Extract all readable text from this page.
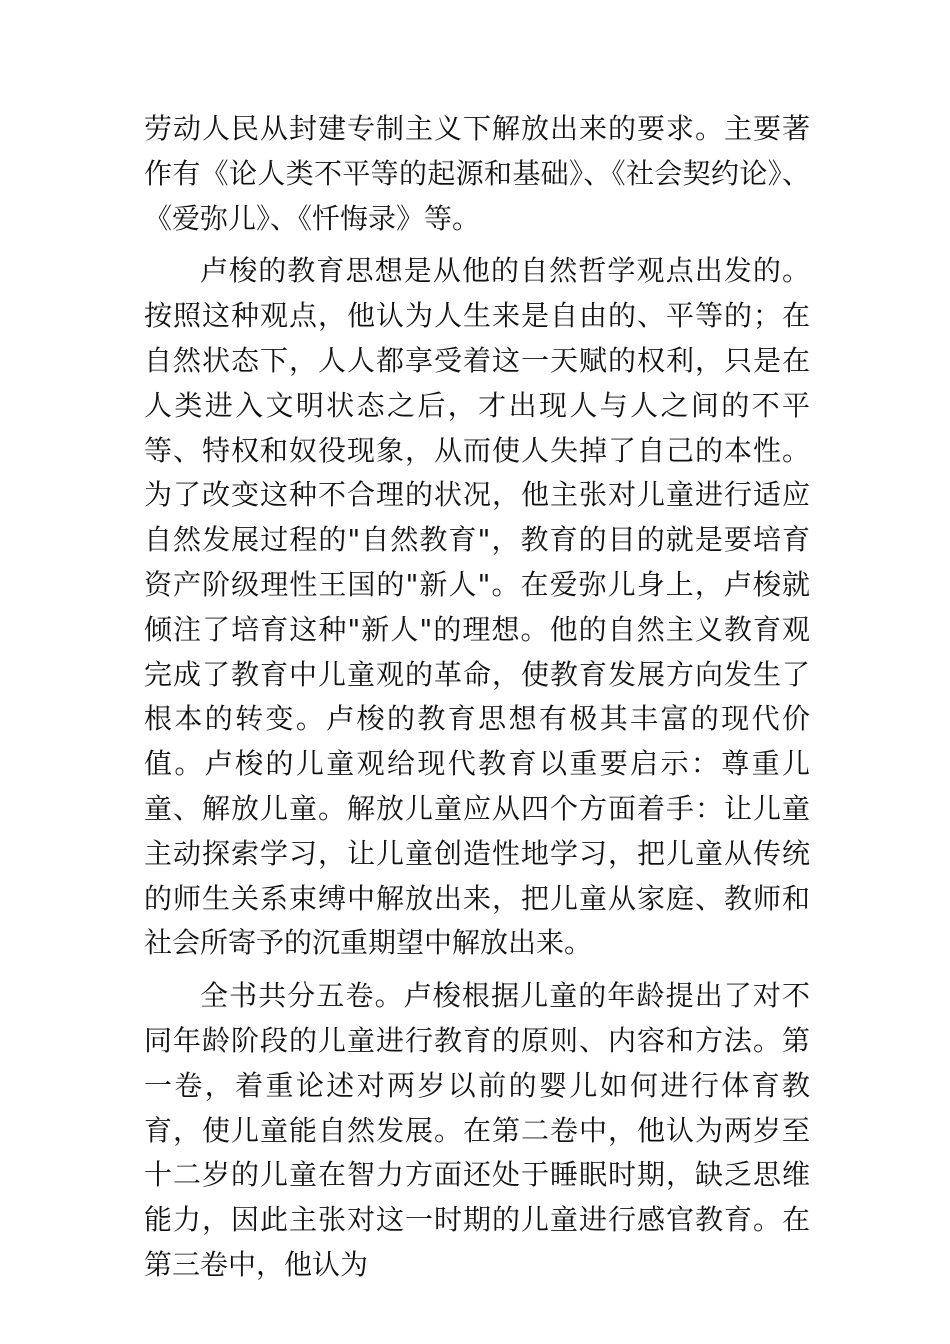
劳动人民从封建专制主义下解放出来的要求。主要著作有《论人类不平等的起源和基础》、《社会契约论》、《爱弥儿》、《忏悔录》等。

卢梭的教育思想是从他的自然哲学观点出发的。按照这种观点，他认为人生来是自由的、平等的；在自然状态下，人人都享受着这一天赋的权利，只是在人类进入文明状态之后，才出现人与人之间的不平等、特权和奴役现象，从而使人失掉了自己的本性。为了改变这种不合理的状况，他主张对儿童进行适应自然发展过程的"自然教育"，教育的目的就是要培育资产阶级理性王国的"新人"。在爱弥儿身上，卢梭就倾注了培育这种"新人"的理想。他的自然主义教育观完成了教育中儿童观的革命，使教育发展方向发生了根本的转变。卢梭的教育思想有极其丰富的现代价值。卢梭的儿童观给现代教育以重要启示：尊重儿童、解放儿童。解放儿童应从四个方面着手：让儿童主动探索学习，让儿童创造性地学习，把儿童从传统的师生关系束缚中解放出来，把儿童从家庭、教师和社会所寄予的沉重期望中解放出来。

全书共分五卷。卢梭根据儿童的年龄提出了对不同年龄阶段的儿童进行教育的原则、内容和方法。第一卷，着重论述对两岁以前的婴儿如何进行体育教育，使儿童能自然发展。在第二卷中，他认为两岁至十二岁的儿童在智力方面还处于睡眠时期，缺乏思维能力，因此主张对这一时期的儿童进行感官教育。在第三卷中，他认为
